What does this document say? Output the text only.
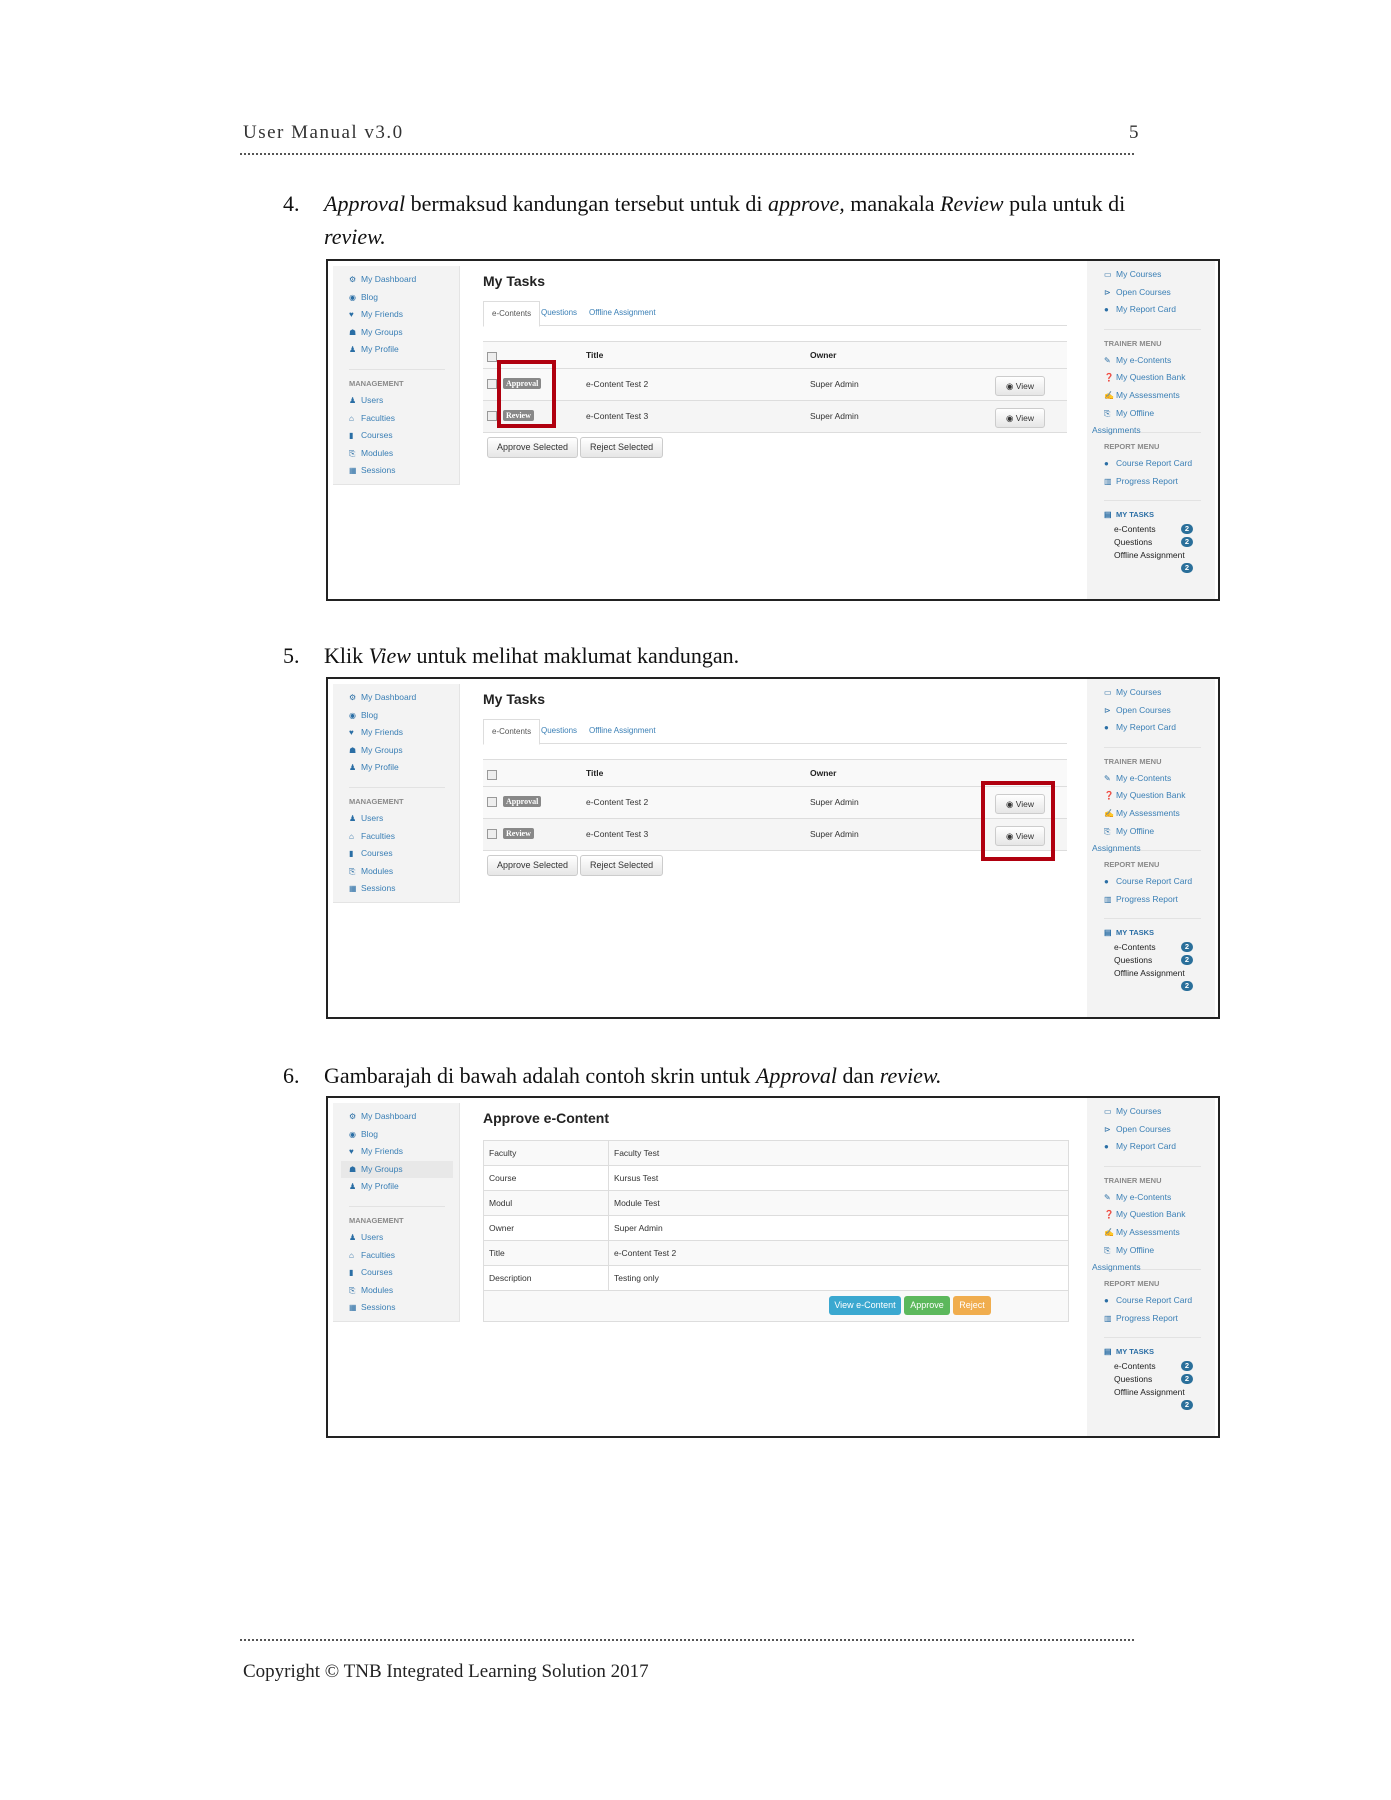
User Manual v3.0	5
4. Approval bermaksud kandungan tersebut untuk di approve, manakala Review pula untuk di review.
⚙ My Dashboard
◉ Blog
♥ My Friends
☗ My Groups
♟ My Profile
MANAGEMENT
♟ Users
⌂ Faculties
▮ Courses
⎘ Modules
▦ Sessions
My Tasks
e-Contents	Questions Offline Assignment
Title	Owner
Approval	e-Content Test 2	Super Admin	◉ View
Review	e-Content Test 3	Super Admin	◉ View
Approve Selected Reject Selected
▭ My Courses
⊳ Open Courses
● My Report Card
TRAINER MENU
✎ My e-Contents
❓ My Question Bank
✍ My Assessments
⎘ My Offline
Assignments
REPORT MENU
● Course Report Card
▥ Progress Report
▤ MY TASKS
e-Contents	2
Questions	2
Offline Assignment
2
5. Klik View untuk melihat maklumat kandungan.
⚙ My Dashboard
◉ Blog
♥ My Friends
☗ My Groups
♟ My Profile
MANAGEMENT
♟ Users
⌂ Faculties
▮ Courses
⎘ Modules
▦ Sessions
My Tasks
e-Contents	Questions Offline Assignment
Title	Owner
Approval	e-Content Test 2	Super Admin	◉ View
Review	e-Content Test 3	Super Admin	◉ View
Approve Selected Reject Selected
▭ My Courses
⊳ Open Courses
● My Report Card
TRAINER MENU
✎ My e-Contents
❓ My Question Bank
✍ My Assessments
⎘ My Offline
Assignments
REPORT MENU
● Course Report Card
▥ Progress Report
▤ MY TASKS
e-Contents	2
Questions	2
Offline Assignment
2
6. Gambarajah di bawah adalah contoh skrin untuk Approval dan review.
⚙ My Dashboard
◉ Blog
♥ My Friends
☗ My Groups
♟ My Profile
MANAGEMENT
♟ Users
⌂ Faculties
▮ Courses
⎘ Modules
▦ Sessions
Approve e-Content
Faculty	Faculty Test
Course	Kursus Test
Modul	Module Test
Owner	Super Admin
Title	e-Content Test 2
Description	Testing only
View e-Content	Approve	Reject
▭ My Courses
⊳ Open Courses
● My Report Card
TRAINER MENU
✎ My e-Contents
❓ My Question Bank
✍ My Assessments
⎘ My Offline
Assignments
REPORT MENU
● Course Report Card
▥ Progress Report
▤ MY TASKS
e-Contents	2
Questions	2
Offline Assignment
2
Copyright © TNB Integrated Learning Solution 2017
